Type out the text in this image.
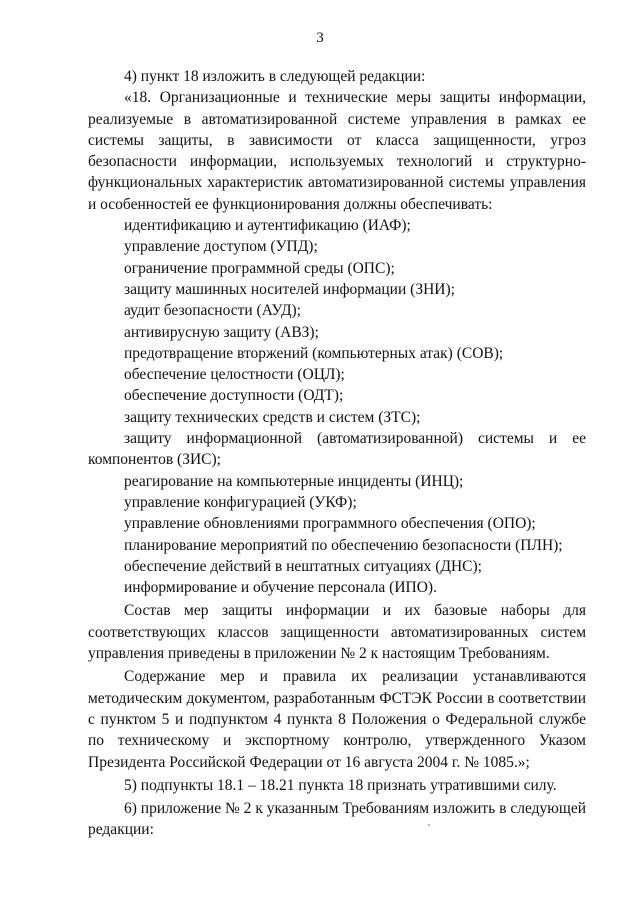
3

4) пункт 18 изложить в следующей редакции:

«18. Организационные и технические меры защиты информации, реализуемые в автоматизированной системе управления в рамках ее системы защиты, в зависимости от класса защищенности, угроз безопасности информации, используемых технологий и структурно-функциональных характеристик автоматизированной системы управления и особенностей ее функционирования должны обеспечивать:

идентификацию и аутентификацию (ИАФ);

управление доступом (УПД);

ограничение программной среды (ОПС);

защиту машинных носителей информации (ЗНИ);

аудит безопасности (АУД);

антивирусную защиту (АВЗ);

предотвращение вторжений (компьютерных атак) (СОВ);

обеспечение целостности (ОЦЛ);

обеспечение доступности (ОДТ);

защиту технических средств и систем (ЗТС);

защиту информационной (автоматизированной) системы и ее компонентов (ЗИС);

реагирование на компьютерные инциденты (ИНЦ);

управление конфигурацией (УКФ);

управление обновлениями программного обеспечения (ОПО);

планирование мероприятий по обеспечению безопасности (ПЛН);

обеспечение действий в нештатных ситуациях (ДНС);

информирование и обучение персонала (ИПО).

Состав мер защиты информации и их базовые наборы для соответствующих классов защищенности автоматизированных систем управления приведены в приложении № 2 к настоящим Требованиям.

Содержание мер и правила их реализации устанавливаются методическим документом, разработанным ФСТЭК России в соответствии с пунктом 5 и подпунктом 4 пункта 8 Положения о Федеральной службе по техническому и экспортному контролю, утвержденного Указом Президента Российской Федерации от 16 августа 2004 г. № 1085.»;

5) подпункты 18.1 – 18.21 пункта 18 признать утратившими силу.

6) приложение № 2 к указанным Требованиям изложить в следующей редакции:
